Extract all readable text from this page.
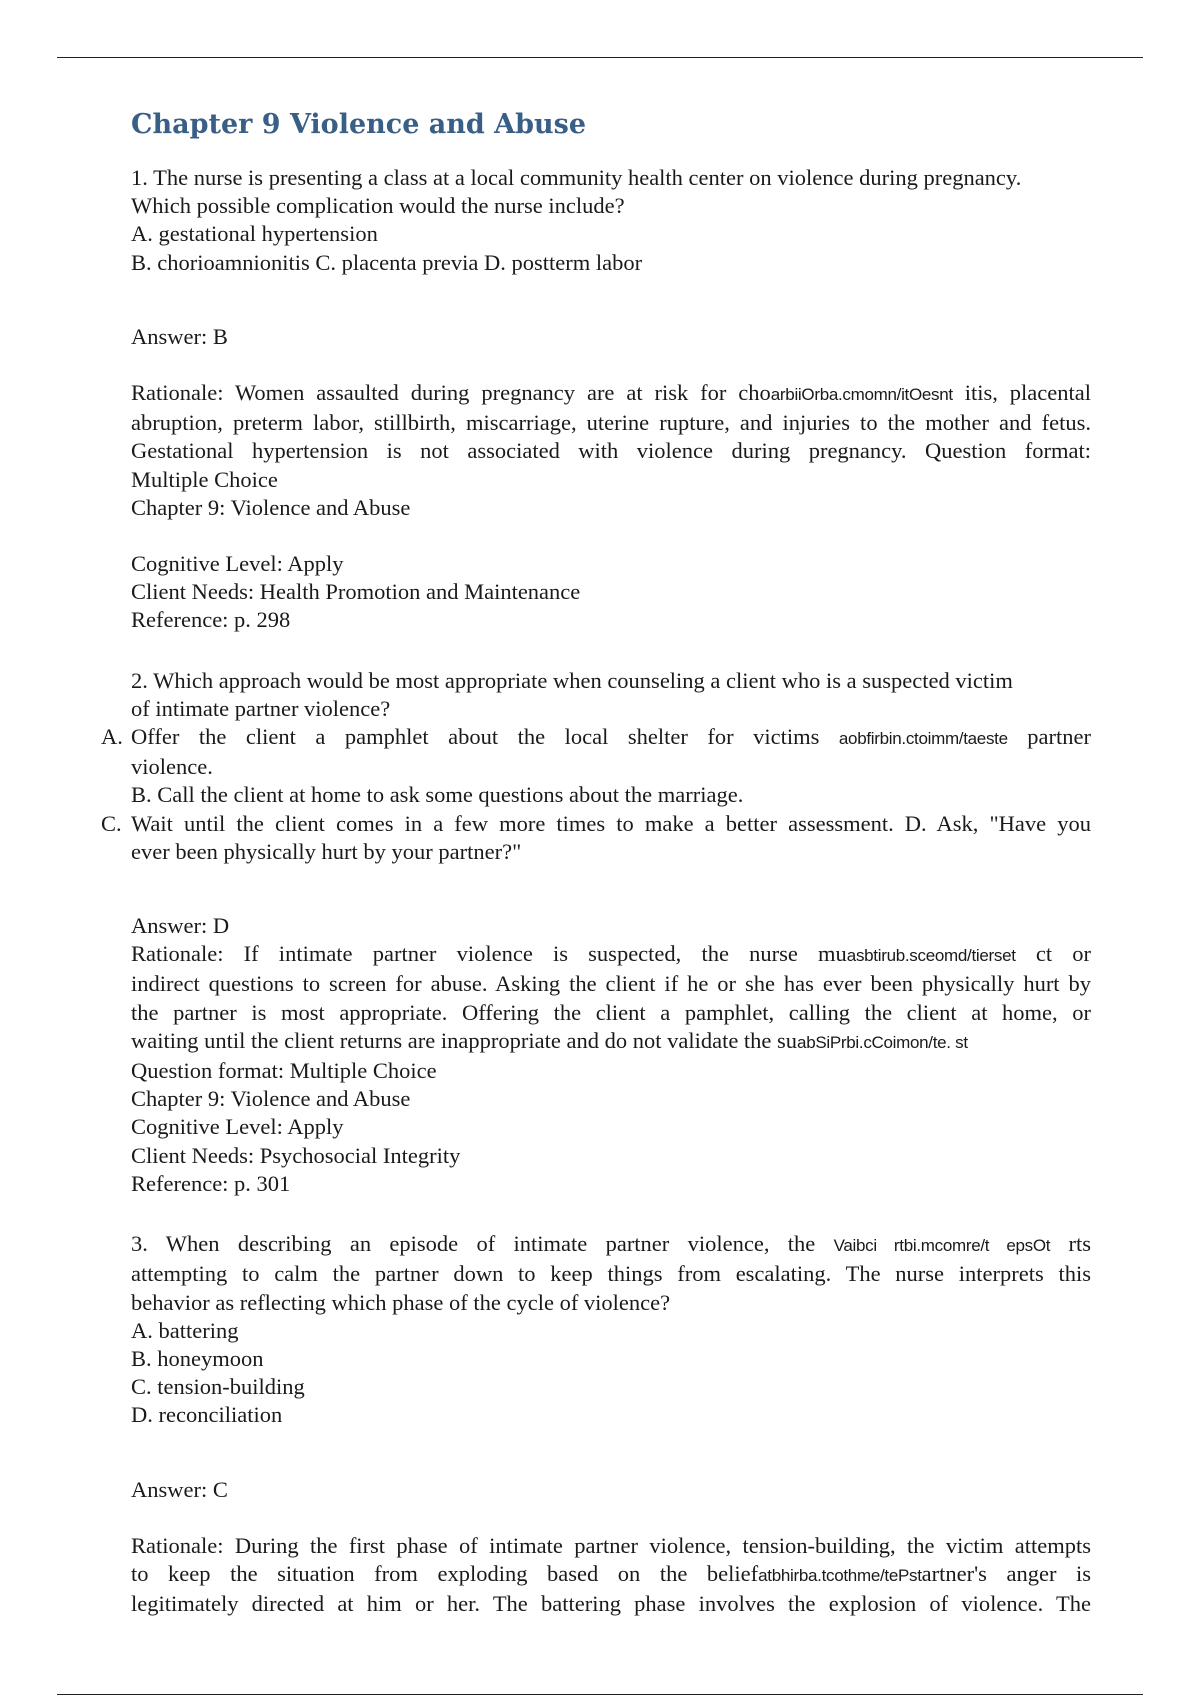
Chapter 9 Violence and Abuse
1. The nurse is presenting a class at a local community health center on violence during pregnancy.
Which possible complication would the nurse include?
A. gestational hypertension
B. chorioamnionitis C. placenta previa D. postterm labor
Answer: B
Rationale: Women assaulted during pregnancy are at risk for choarbiiOrba.cmomn/itOesnt itis, placental
abruption, preterm labor, stillbirth, miscarriage, uterine rupture, and injuries to the mother and fetus.
Gestational hypertension is not associated with violence during pregnancy. Question format:
Multiple Choice
Chapter 9: Violence and Abuse
Cognitive Level: Apply
Client Needs: Health Promotion and Maintenance
Reference: p. 298
2. Which approach would be most appropriate when counseling a client who is a suspected victim
of intimate partner violence?
A. Offer the client a pamphlet about the local shelter for victims aobfirbin.ctoimm/taeste partner
violence.
B. Call the client at home to ask some questions about the marriage.
C. Wait until the client comes in a few more times to make a better assessment. D. Ask, "Have you
ever been physically hurt by your partner?"
Answer: D
Rationale: If intimate partner violence is suspected, the nurse muasbtirub.sceomd/tierset ct or
indirect questions to screen for abuse. Asking the client if he or she has ever been physically hurt by
the partner is most appropriate. Offering the client a pamphlet, calling the client at home, or
waiting until the client returns are inappropriate and do not validate the suabSiPrbi.cCoimon/te. st
Question format: Multiple Choice
Chapter 9: Violence and Abuse
Cognitive Level: Apply
Client Needs: Psychosocial Integrity
Reference: p. 301
3. When describing an episode of intimate partner violence, the Vaibci rtbi.mcomre/t epsOt rts
attempting to calm the partner down to keep things from escalating. The nurse interprets this
behavior as reflecting which phase of the cycle of violence?
A. battering
B. honeymoon
C. tension-building
D. reconciliation
Answer: C
Rationale: During the first phase of intimate partner violence, tension-building, the victim attempts
to keep the situation from exploding based on the beliefatbhirba.tcothme/tePstartner's anger is
legitimately directed at him or her. The battering phase involves the explosion of violence. The
